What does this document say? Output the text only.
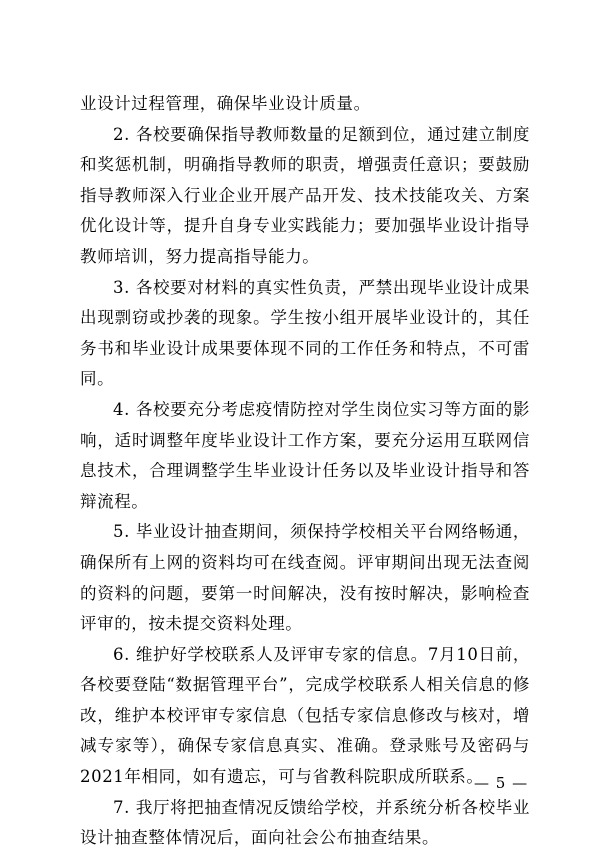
业设计过程管理，确保毕业设计质量。

2. 各校要确保指导教师数量的足额到位，通过建立制度和奖惩机制，明确指导教师的职责，增强责任意识；要鼓励指导教师深入行业企业开展产品开发、技术技能攻关、方案优化设计等，提升自身专业实践能力；要加强毕业设计指导教师培训，努力提高指导能力。

3. 各校要对材料的真实性负责，严禁出现毕业设计成果出现剽窃或抄袭的现象。学生按小组开展毕业设计的，其任务书和毕业设计成果要体现不同的工作任务和特点，不可雷同。

4. 各校要充分考虑疫情防控对学生岗位实习等方面的影响，适时调整年度毕业设计工作方案，要充分运用互联网信息技术，合理调整学生毕业设计任务以及毕业设计指导和答辩流程。

5. 毕业设计抽查期间，须保持学校相关平台网络畅通，确保所有上网的资料均可在线查阅。评审期间出现无法查阅的资料的问题，要第一时间解决，没有按时解决，影响检查评审的，按未提交资料处理。

6. 维护好学校联系人及评审专家的信息。7月10日前，各校要登陆“数据管理平台”，完成学校联系人相关信息的修改，维护本校评审专家信息（包括专家信息修改与核对，增减专家等），确保专家信息真实、准确。登录账号及密码与2021年相同，如有遗忘，可与省教科院职成所联系。

7. 我厅将把抽查情况反馈给学校，并系统分析各校毕业设计抽查整体情况后，面向社会公布抽查结果。

— 5 —
